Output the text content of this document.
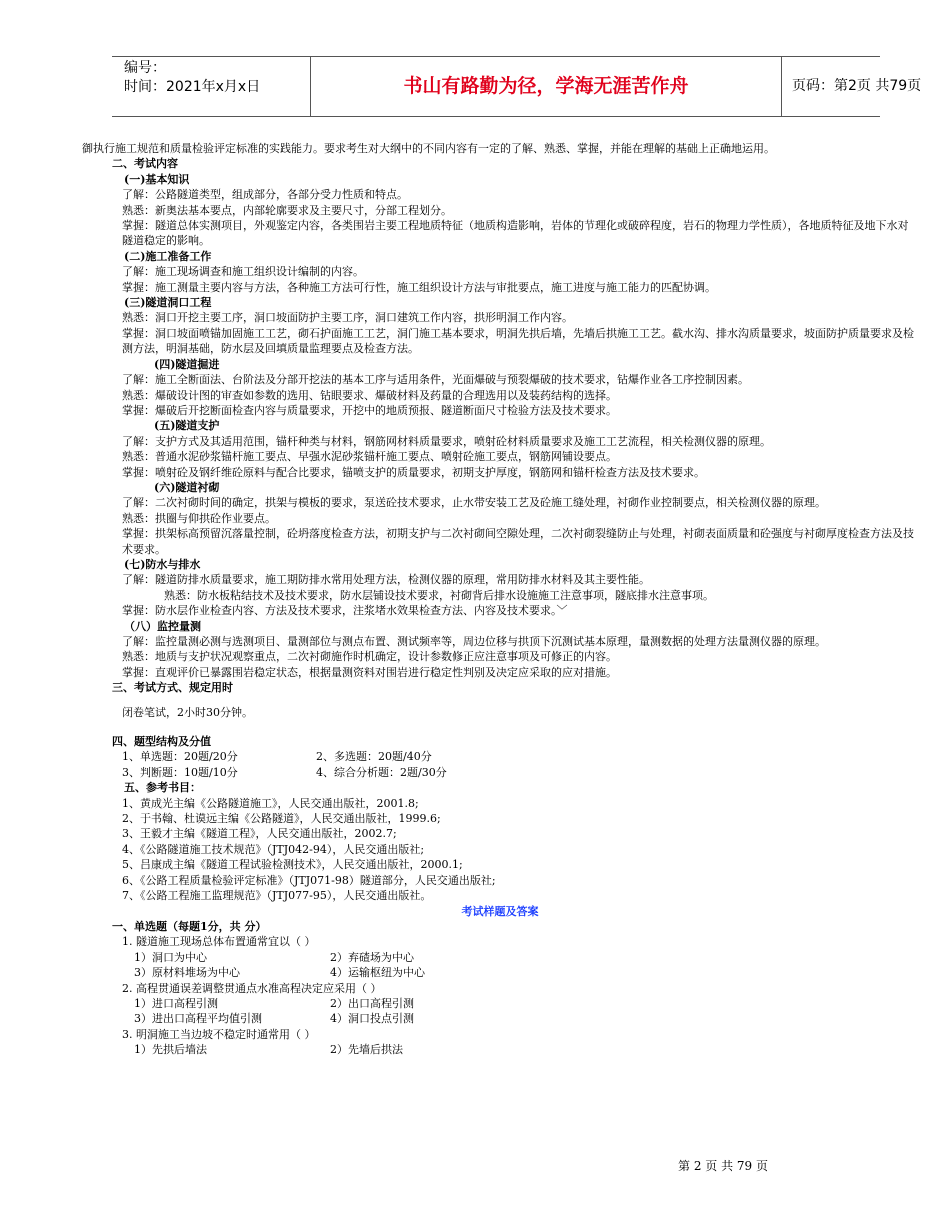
编号：
时间：2021年x月x日	书山有路勤为径，学海无涯苦作舟	页码：第2页 共79页

御执行施工规范和质量检验评定标准的实践能力。要求考生对大纲中的不同内容有一定的了解、熟悉、掌握，并能在理解的基础上正确地运用。

二、考试内容

(一)基本知识

了解：公路隧道类型，组成部分，各部分受力性质和特点。

熟悉：新奥法基本要点，内部轮廓要求及主要尺寸，分部工程划分。

掌握：隧道总体实测项目，外观鉴定内容，各类围岩主要工程地质特征（地质构造影响，岩体的节理化或破碎程度，岩石的物理力学性质），各地质特征及地下水对隧道稳定的影响。

(二)施工准备工作

了解：施工现场调查和施工组织设计编制的内容。

掌握：施工测量主要内容与方法，各种施工方法可行性，施工组织设计方法与审批要点，施工进度与施工能力的匹配协调。

(三)隧道洞口工程

熟悉：洞口开挖主要工序，洞口坡面防护主要工序，洞口建筑工作内容，拱形明洞工作内容。

掌握：洞口坡面喷锚加固施工工艺，砌石护面施工工艺，洞门施工基本要求，明洞先拱后墙，先墙后拱施工工艺。截水沟、排水沟质量要求，坡面防护质量要求及检测方法，明洞基础，防水层及回填质量监理要点及检查方法。

(四)隧道掘进

了解：施工全断面法、台阶法及分部开挖法的基本工序与适用条件，光面爆破与预裂爆破的技术要求，钻爆作业各工序控制因素。

熟悉：爆破设计图的审查如参数的选用、钻眼要求、爆破材料及药量的合理选用以及装药结构的选择。

掌握：爆破后开挖断面检查内容与质量要求，开挖中的地质预报、隧道断面尺寸检验方法及技术要求。

(五)隧道支护

了解：支护方式及其适用范围，锚杆种类与材料，钢筋网材料质量要求，喷射砼材料质量要求及施工工艺流程，相关检测仪器的原理。

熟悉：普通水泥砂浆锚杆施工要点、早强水泥砂浆锚杆施工要点、喷射砼施工要点，钢筋网铺设要点。

掌握：喷射砼及钢纤维砼原料与配合比要求，锚喷支护的质量要求，初期支护厚度，钢筋网和锚杆检查方法及技术要求。

(六)隧道衬砌

了解：二次衬砌时间的确定，拱架与模板的要求，泵送砼技术要求，止水带安装工艺及砼施工缝处理，衬砌作业控制要点，相关检测仪器的原理。

熟悉：拱圈与仰拱砼作业要点。

掌握：拱架标高预留沉落量控制，砼坍落度检查方法，初期支护与二次衬砌间空隙处理，二次衬砌裂缝防止与处理，衬砌表面质量和砼强度与衬砌厚度检查方法及技术要求。

(七)防水与排水

了解：隧道防排水质量要求，施工期防排水常用处理方法，检测仪器的原理，常用防排水材料及其主要性能。

熟悉：防水板粘结技术及技术要求，防水层铺设技术要求，衬砌背后排水设施施工注意事项，隧底排水注意事项。

掌握：防水层作业检查内容、方法及技术要求，注浆堵水效果检查方法、内容及技术要求。﹀

（八）监控量测

了解：监控量测必测与选测项目、量测部位与测点布置、测试频率等，周边位移与拱顶下沉测试基本原理，量测数据的处理方法量测仪器的原理。

熟悉：地质与支护状况观察重点，二次衬砌施作时机确定，设计参数修正应注意事项及可修正的内容。

掌握：直观评价已暴露围岩稳定状态，根据量测资料对围岩进行稳定性判别及决定应采取的应对措施。

三、考试方式、规定用时

闭卷笔试，2小时30分钟。

四、题型结构及分值

1、单选题：20题/20分	2、多选题：20题/40分
3、判断题：10题/10分	4、综合分析题：2题/30分

五、参考书目：

1、黄成光主编《公路隧道施工》，人民交通出版社，2001.8;

2、于书翰、杜谟远主编《公路隧道》，人民交通出版社，1999.6;

3、王毅才主编《隧道工程》，人民交通出版社，2002.7;

4、《公路隧道施工技术规范》（JTJ042-94），人民交通出版社;

5、吕康成主编《隧道工程试验检测技术》，人民交通出版社，2000.1;

6、《公路工程质量检验评定标准》（JTJ071-98）隧道部分，人民交通出版社;

7、《公路工程施工监理规范》（JTJ077-95），人民交通出版社。

考试样题及答案

一、单选题（每题1分，共 分）

1. 隧道施工现场总体布置通常宜以（ ）

1）洞口为中心	2）弃碴场为中心
3）原材料堆场为中心	4）运输枢纽为中心

2. 高程贯通误差调整贯通点水准高程决定应采用（ ）

1）进口高程引测	2）出口高程引测
3）进出口高程平均值引测	4）洞口投点引测

3. 明洞施工当边坡不稳定时通常用（ ）

1）先拱后墙法	2）先墙后拱法
第 2 页 共 79 页
